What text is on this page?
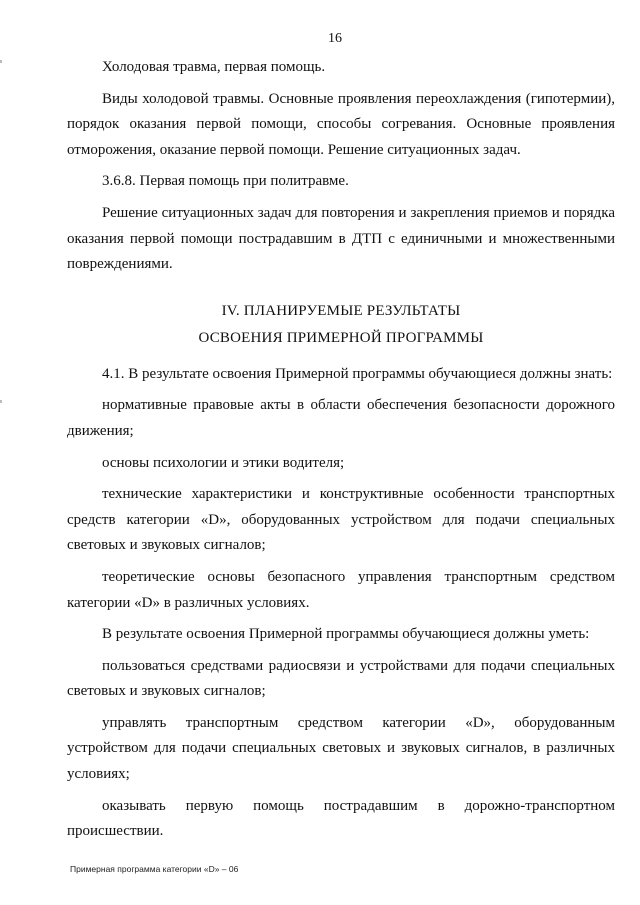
16

Холодовая травма, первая помощь.

Виды холодовой травмы. Основные проявления переохлаждения (гипотермии), порядок оказания первой помощи, способы согревания. Основные проявления отморожения, оказание первой помощи. Решение ситуационных задач.

3.6.8. Первая помощь при политравме.

Решение ситуационных задач для повторения и закрепления приемов и порядка оказания первой помощи пострадавшим в ДТП с единичными и множественными повреждениями.

IV. ПЛАНИРУЕМЫЕ РЕЗУЛЬТАТЫ
ОСВОЕНИЯ ПРИМЕРНОЙ ПРОГРАММЫ

4.1. В результате освоения Примерной программы обучающиеся должны знать:

нормативные правовые акты в области обеспечения безопасности дорожного движения;

основы психологии и этики водителя;

технические характеристики и конструктивные особенности транспортных средств категории «D», оборудованных устройством для подачи специальных световых и звуковых сигналов;

теоретические основы безопасного управления транспортным средством категории «D» в различных условиях.

В результате освоения Примерной программы обучающиеся должны уметь:

пользоваться средствами радиосвязи и устройствами для подачи специальных световых и звуковых сигналов;

управлять транспортным средством категории «D», оборудованным устройством для подачи специальных световых и звуковых сигналов, в различных условиях;

оказывать первую помощь пострадавшим в дорожно-транспортном происшествии.

Примерная программа категории «D» – 06
